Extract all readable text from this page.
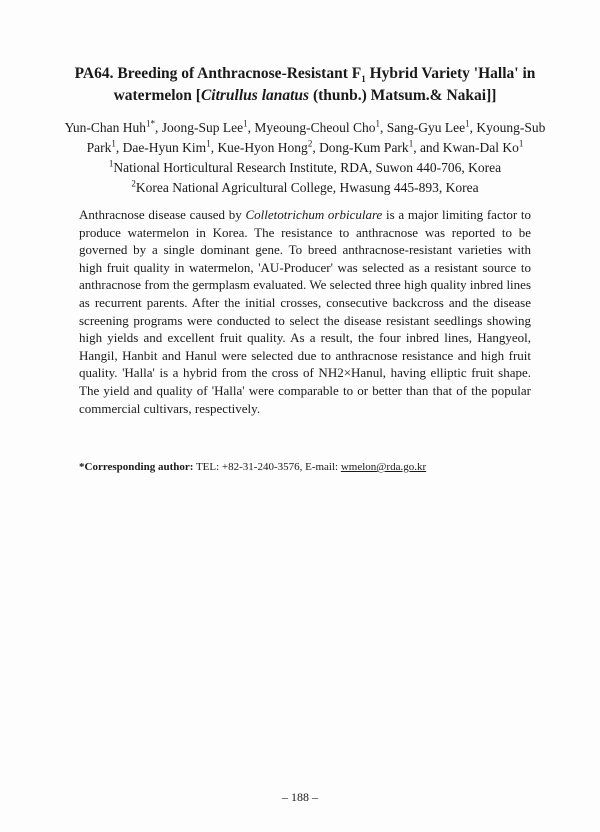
PA64. Breeding of Anthracnose-Resistant $F_1$ Hybrid Variety 'Halla' in watermelon [Citrullus lanatus (thunb.) Matsum.& Nakai]]
Yun-Chan Huh$^{1*}$, Joong-Sup Lee$^1$, Myeoung-Cheoul Cho$^1$, Sang-Gyu Lee$^1$, Kyoung-Sub Park$^1$, Dae-Hyun Kim$^1$, Kue-Hyon Hong$^2$, Dong-Kum Park$^1$, and Kwan-Dal Ko$^1$
$^1$National Horticultural Research Institute, RDA, Suwon 440-706, Korea
$^2$Korea National Agricultural College, Hwasung 445-893, Korea
Anthracnose disease caused by Colletotrichum orbiculare is a major limiting factor to produce watermelon in Korea. The resistance to anthracnose was reported to be governed by a single dominant gene. To breed anthracnose-resistant varieties with high fruit quality in watermelon, 'AU-Producer' was selected as a resistant source to anthracnose from the germplasm evaluated. We selected three high quality inbred lines as recurrent parents. After the initial crosses, consecutive backcross and the disease screening programs were conducted to select the disease resistant seedlings showing high yields and excellent fruit quality. As a result, the four inbred lines, Hangyeol, Hangil, Hanbit and Hanul were selected due to anthracnose resistance and high fruit quality. 'Halla' is a hybrid from the cross of NH2×Hanul, having elliptic fruit shape. The yield and quality of 'Halla' were comparable to or better than that of the popular commercial cultivars, respectively.
*Corresponding author: TEL: +82-31-240-3576, E-mail: wmelon@rda.go.kr
– 188 –
